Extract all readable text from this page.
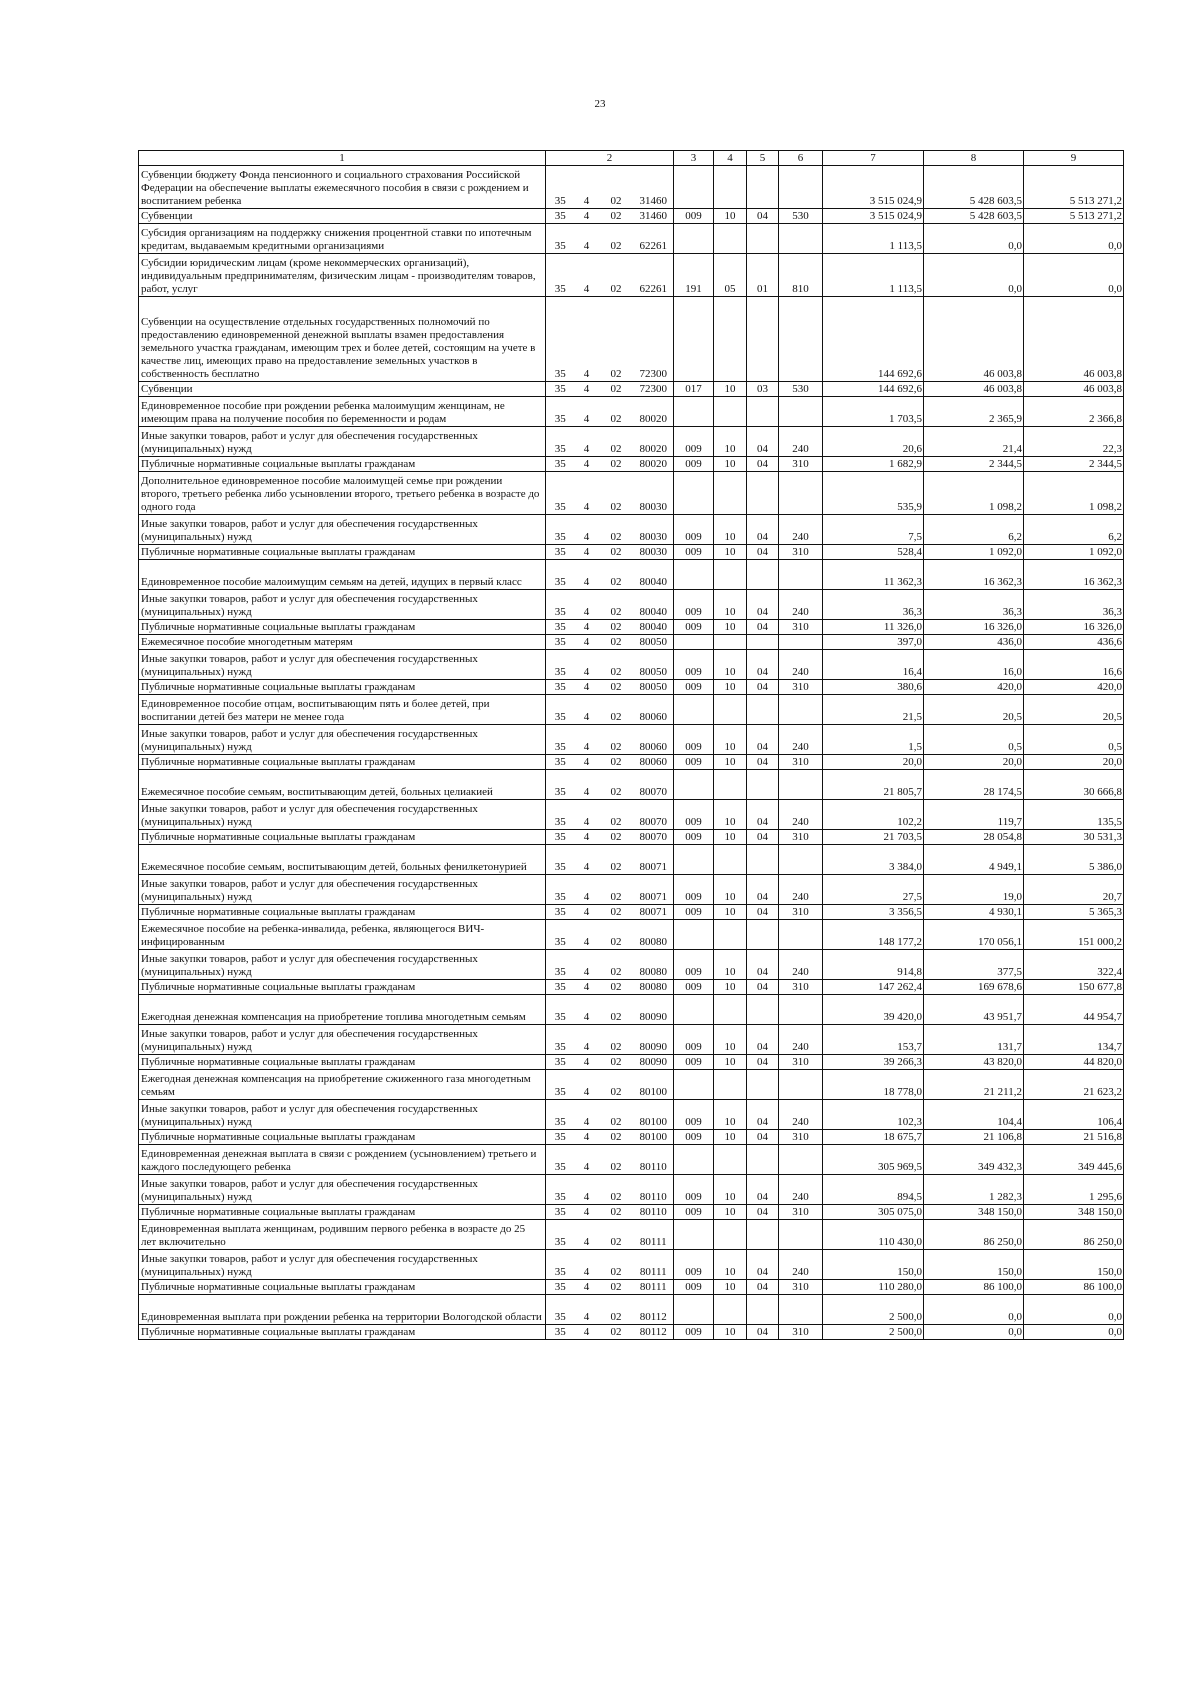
23
1	2				3	4	5	6	7	8	9
Субвенции бюджету Фонда пенсионного и социального страхования Российской Федерации на обеспечение выплаты ежемесячного пособия в связи с рождением и воспитанием ребенка	35	4	02	31460					3 515 024,9	5 428 603,5	5 513 271,2
Субвенции	35	4	02	31460	009	10	04	530	3 515 024,9	5 428 603,5	5 513 271,2
Субсидия организациям на поддержку снижения процентной ставки по ипотечным кредитам, выдаваемым кредитными организациями	35	4	02	62261					1 113,5	0,0	0,0
Субсидии юридическим лицам (кроме некоммерческих организаций), индивидуальным предпринимателям, физическим лицам - производителям товаров, работ, услуг	35	4	02	62261	191	05	01	810	1 113,5	0,0	0,0
Субвенции на осуществление отдельных государственных полномочий по предоставлению единовременной денежной выплаты взамен предоставления земельного участка гражданам, имеющим трех и более детей, состоящим на учете в качестве лиц, имеющих право на предоставление земельных участков в собственность бесплатно	35	4	02	72300					144 692,6	46 003,8	46 003,8
Субвенции	35	4	02	72300	017	10	03	530	144 692,6	46 003,8	46 003,8
Единовременное пособие при рождении ребенка малоимущим женщинам, не имеющим права на получение пособия по беременности и родам	35	4	02	80020					1 703,5	2 365,9	2 366,8
Иные закупки товаров, работ и услуг для обеспечения государственных (муниципальных) нужд	35	4	02	80020	009	10	04	240	20,6	21,4	22,3
Публичные нормативные социальные выплаты гражданам	35	4	02	80020	009	10	04	310	1 682,9	2 344,5	2 344,5
Дополнительное единовременное пособие малоимущей семье при рождении второго, третьего ребенка либо усыновлении второго, третьего ребенка в возрасте до одного года	35	4	02	80030					535,9	1 098,2	1 098,2
Иные закупки товаров, работ и услуг для обеспечения государственных (муниципальных) нужд	35	4	02	80030	009	10	04	240	7,5	6,2	6,2
Публичные нормативные социальные выплаты гражданам	35	4	02	80030	009	10	04	310	528,4	1 092,0	1 092,0
Единовременное пособие малоимущим семьям на детей, идущих в первый класс	35	4	02	80040					11 362,3	16 362,3	16 362,3
Иные закупки товаров, работ и услуг для обеспечения государственных (муниципальных) нужд	35	4	02	80040	009	10	04	240	36,3	36,3	36,3
Публичные нормативные социальные выплаты гражданам	35	4	02	80040	009	10	04	310	11 326,0	16 326,0	16 326,0
Ежемесячное пособие многодетным матерям	35	4	02	80050					397,0	436,0	436,6
Иные закупки товаров, работ и услуг для обеспечения государственных (муниципальных) нужд	35	4	02	80050	009	10	04	240	16,4	16,0	16,6
Публичные нормативные социальные выплаты гражданам	35	4	02	80050	009	10	04	310	380,6	420,0	420,0
Единовременное пособие отцам, воспитывающим пять и более детей, при воспитании детей без матери не менее года	35	4	02	80060					21,5	20,5	20,5
Иные закупки товаров, работ и услуг для обеспечения государственных (муниципальных) нужд	35	4	02	80060	009	10	04	240	1,5	0,5	0,5
Публичные нормативные социальные выплаты гражданам	35	4	02	80060	009	10	04	310	20,0	20,0	20,0
Ежемесячное пособие семьям, воспитывающим детей, больных целиакией	35	4	02	80070					21 805,7	28 174,5	30 666,8
Иные закупки товаров, работ и услуг для обеспечения государственных (муниципальных) нужд	35	4	02	80070	009	10	04	240	102,2	119,7	135,5
Публичные нормативные социальные выплаты гражданам	35	4	02	80070	009	10	04	310	21 703,5	28 054,8	30 531,3
Ежемесячное пособие семьям, воспитывающим детей, больных фенилкетонурией	35	4	02	80071					3 384,0	4 949,1	5 386,0
Иные закупки товаров, работ и услуг для обеспечения государственных (муниципальных) нужд	35	4	02	80071	009	10	04	240	27,5	19,0	20,7
Публичные нормативные социальные выплаты гражданам	35	4	02	80071	009	10	04	310	3 356,5	4 930,1	5 365,3
Ежемесячное пособие на ребенка-инвалида, ребенка, являющегося ВИЧ-инфицированным	35	4	02	80080					148 177,2	170 056,1	151 000,2
Иные закупки товаров, работ и услуг для обеспечения государственных (муниципальных) нужд	35	4	02	80080	009	10	04	240	914,8	377,5	322,4
Публичные нормативные социальные выплаты гражданам	35	4	02	80080	009	10	04	310	147 262,4	169 678,6	150 677,8
Ежегодная денежная компенсация на приобретение топлива многодетным семьям	35	4	02	80090					39 420,0	43 951,7	44 954,7
Иные закупки товаров, работ и услуг для обеспечения государственных (муниципальных) нужд	35	4	02	80090	009	10	04	240	153,7	131,7	134,7
Публичные нормативные социальные выплаты гражданам	35	4	02	80090	009	10	04	310	39 266,3	43 820,0	44 820,0
Ежегодная денежная компенсация на приобретение сжиженного газа многодетным семьям	35	4	02	80100					18 778,0	21 211,2	21 623,2
Иные закупки товаров, работ и услуг для обеспечения государственных (муниципальных) нужд	35	4	02	80100	009	10	04	240	102,3	104,4	106,4
Публичные нормативные социальные выплаты гражданам	35	4	02	80100	009	10	04	310	18 675,7	21 106,8	21 516,8
Единовременная денежная выплата в связи с рождением (усыновлением) третьего и каждого последующего ребенка	35	4	02	80110					305 969,5	349 432,3	349 445,6
Иные закупки товаров, работ и услуг для обеспечения государственных (муниципальных) нужд	35	4	02	80110	009	10	04	240	894,5	1 282,3	1 295,6
Публичные нормативные социальные выплаты гражданам	35	4	02	80110	009	10	04	310	305 075,0	348 150,0	348 150,0
Единовременная выплата женщинам, родившим первого ребенка в возрасте до 25 лет включительно	35	4	02	80111					110 430,0	86 250,0	86 250,0
Иные закупки товаров, работ и услуг для обеспечения государственных (муниципальных) нужд	35	4	02	80111	009	10	04	240	150,0	150,0	150,0
Публичные нормативные социальные выплаты гражданам	35	4	02	80111	009	10	04	310	110 280,0	86 100,0	86 100,0
Единовременная выплата при рождении ребенка на территории Вологодской области	35	4	02	80112					2 500,0	0,0	0,0
Публичные нормативные социальные выплаты гражданам	35	4	02	80112	009	10	04	310	2 500,0	0,0	0,0
